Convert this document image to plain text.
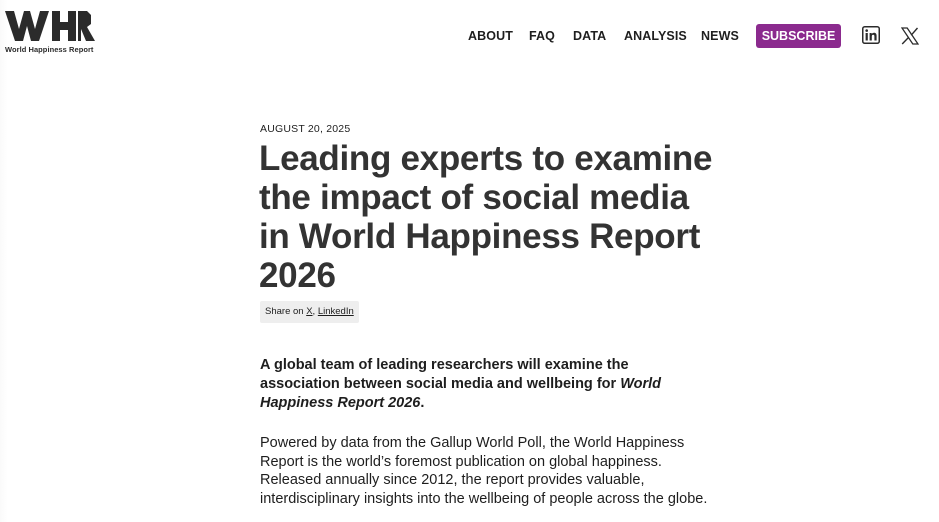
World Happiness Report
ABOUT FAQ DATA ANALYSIS NEWS	SUBSCRIBE
AUGUST 20, 2025
Leading experts to examine the impact of social media in World Happiness Report 2026
Share on X, LinkedIn

A global team of leading researchers will examine the association between social media and wellbeing for World Happiness Report 2026.

Powered by data from the Gallup World Poll, the World Happiness Report is the world’s foremost publication on global happiness. Released annually since 2012, the report provides valuable, interdisciplinary insights into the wellbeing of people across the globe.
